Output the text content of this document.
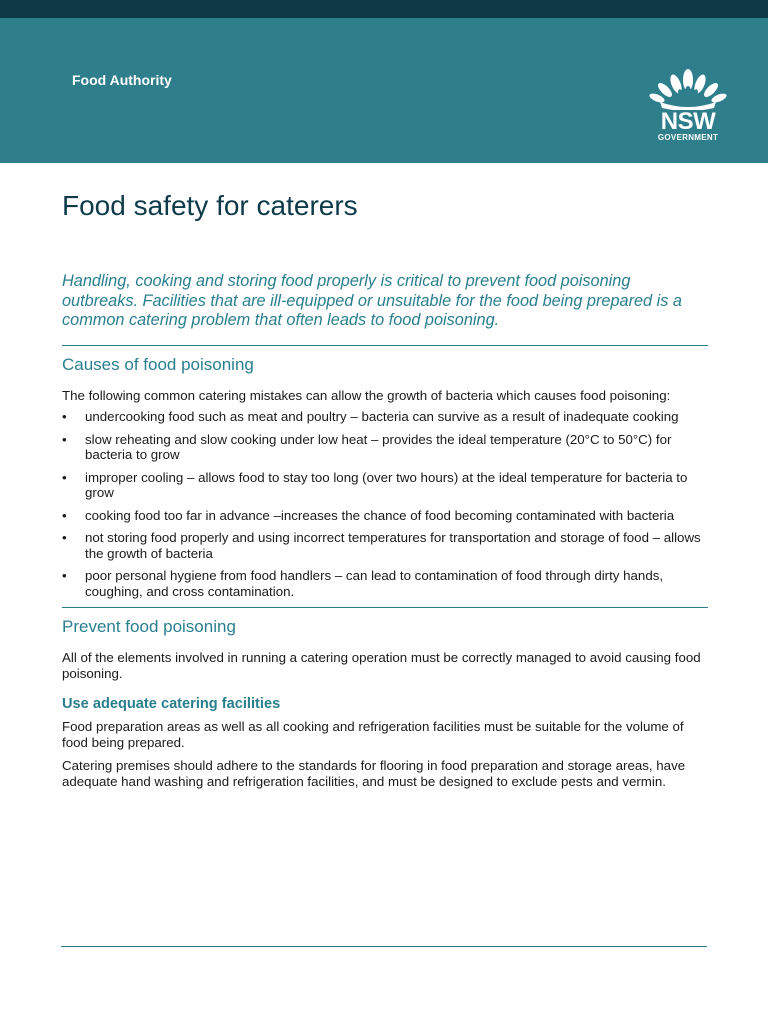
Food Authority
NSW
GOVERNMENT
Food safety for caterers

Handling, cooking and storing food properly is critical to prevent food poisoning outbreaks. Facilities that are ill-equipped or unsuitable for the food being prepared is a common catering problem that often leads to food poisoning.

Causes of food poisoning

The following common catering mistakes can allow the growth of bacteria which causes food poisoning:

• undercooking food such as meat and poultry – bacteria can survive as a result of inadequate cooking
• slow reheating and slow cooking under low heat – provides the ideal temperature (20°C to 50°C) for bacteria to grow
• improper cooling – allows food to stay too long (over two hours) at the ideal temperature for bacteria to grow
• cooking food too far in advance –increases the chance of food becoming contaminated with bacteria
• not storing food properly and using incorrect temperatures for transportation and storage of food – allows the growth of bacteria
• poor personal hygiene from food handlers – can lead to contamination of food through dirty hands, coughing, and cross contamination.
Prevent food poisoning

All of the elements involved in running a catering operation must be correctly managed to avoid causing food poisoning.

Use adequate catering facilities

Food preparation areas as well as all cooking and refrigeration facilities must be suitable for the volume of food being prepared.

Catering premises should adhere to the standards for flooring in food preparation and storage areas, have adequate hand washing and refrigeration facilities, and must be designed to exclude pests and vermin.
